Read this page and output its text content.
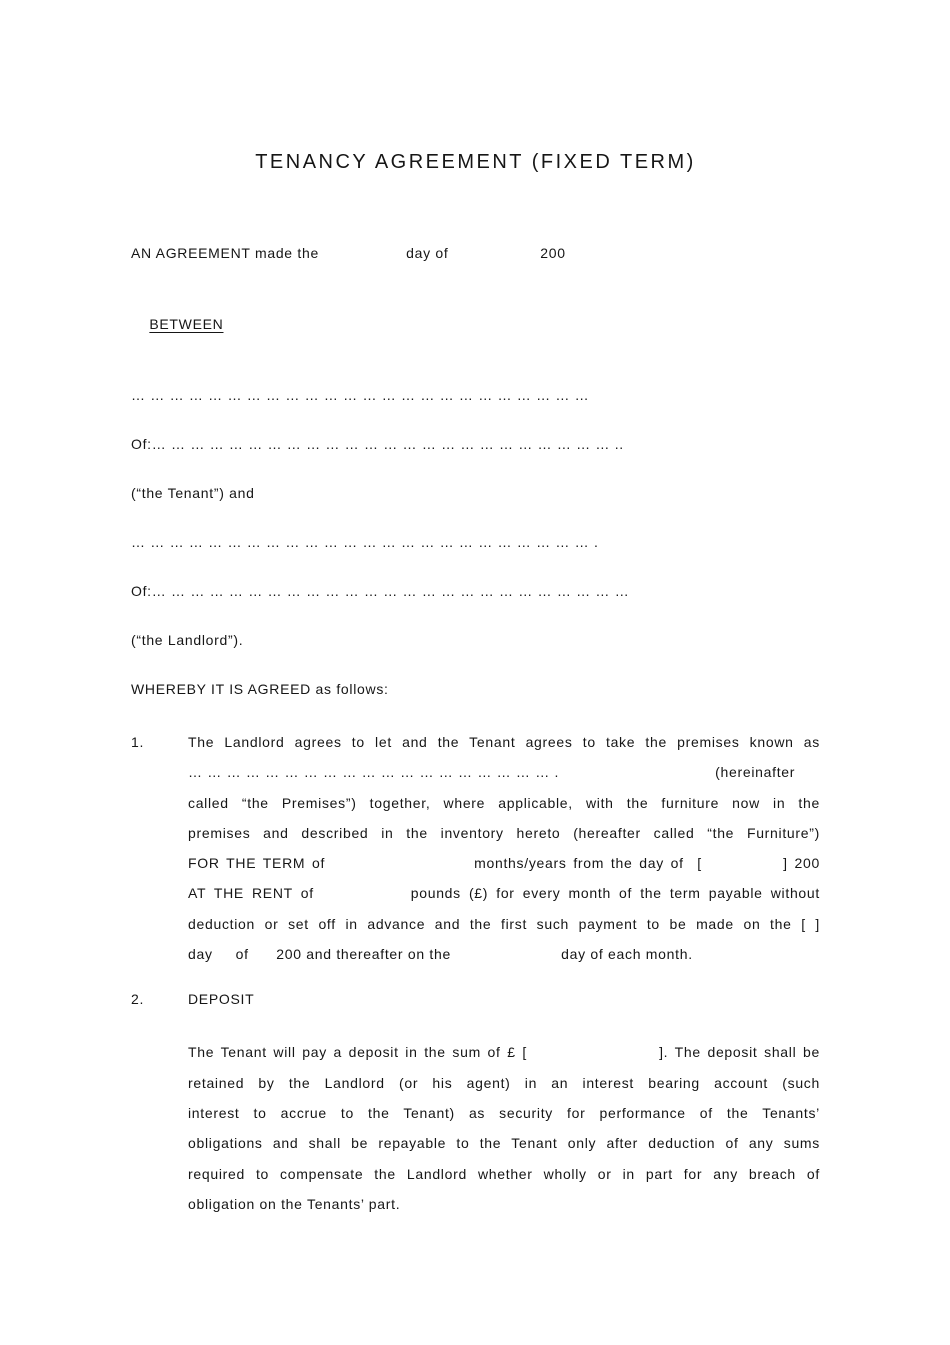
TENANCY AGREEMENT (FIXED TERM)
AN AGREEMENT made the                   day of                    200

BETWEEN

… … … … … … … … … … … … … … … … … … … … … … … …
Of:… … … … … … … … … … … … … … … … … … … … … … … … ..
(“the Tenant”) and
… … … … … … … … … … … … … … … … … … … … … … … … .
Of:… … … … … … … … … … … … … … … … … … … … … … … … …
(“the Landlord”).
WHEREBY IT IS AGREED as follows:
1.	The Landlord agrees to let and the Tenant agrees to take the premises known as
… … … … … … … … … … … … … … … … … … … .                                  (hereinafter
called “the Premises”) together, where applicable, with the furniture now in the
premises and described in the inventory hereto (hereafter called “the Furniture”)
FOR THE TERM of                      months/years from the day of  [            ] 200
AT THE RENT of            pounds (£) for every month of the term payable without
deduction or set off in advance and the first such payment to be made on the [ ]
day     of      200 and thereafter on the                        day of each month.
2.	DEPOSIT
The Tenant will pay a deposit in the sum of £ [                    ]. The deposit shall be
retained by the Landlord (or his agent) in an interest bearing account (such
interest to accrue to the Tenant) as security for performance of the Tenants’
obligations and shall be repayable to the Tenant only after deduction of any sums
required to compensate the Landlord whether wholly or in part for any breach of
obligation on the Tenants’ part.
